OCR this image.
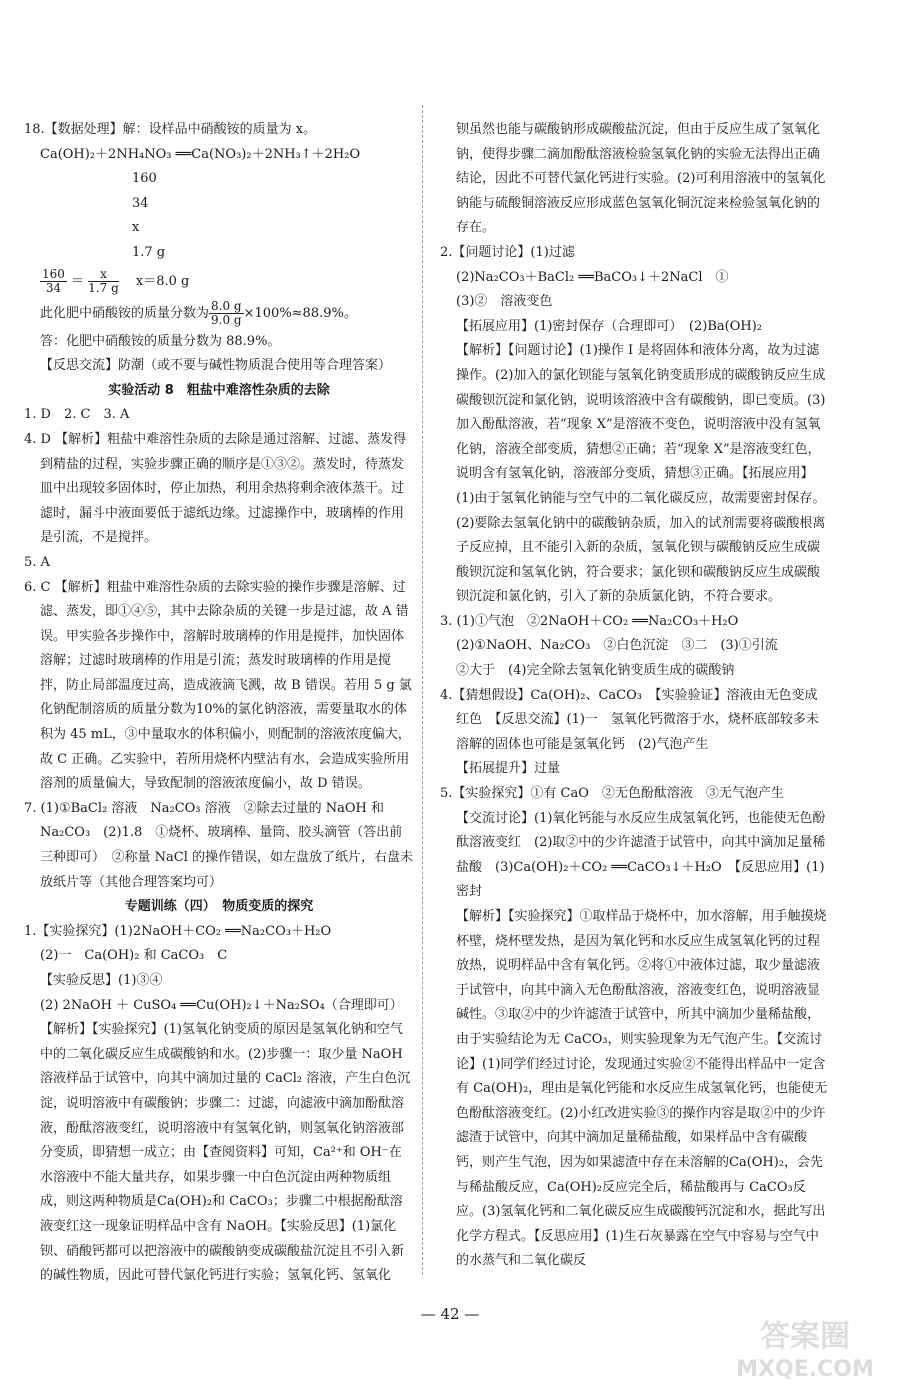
18.【数据处理】解：设样品中硝酸铵的质量为 x。

Ca(OH)₂＋2NH₄NO₃ ══Ca(NO₃)₂＋2NH₃↑＋2H₂O

16034

x1.7 g

$\frac{160}{34} = \frac{x}{1.7 g}$
　 x＝8.0 g

此化肥中硝酸铵的质量分数为 $\frac{8.0 g}{9.0 g} \times 100\%\approx 88.9\%$。

答：化肥中硝酸铵的质量分数为 88.9%。

【反思交流】防潮（或不要与碱性物质混合使用等合理答案）

实验活动 8　粗盐中难溶性杂质的去除

1. D　2. C　3. A

4. D 【解析】粗盐中难溶性杂质的去除是通过溶解、过滤、蒸发得到精盐的过程，实验步骤正确的顺序是①③②。蒸发时，待蒸发皿中出现较多固体时，停止加热，利用余热将剩余液体蒸干。过滤时，漏斗中液面要低于滤纸边缘。过滤操作中，玻璃棒的作用是引流，不是搅拌。

5. A

6. C 【解析】粗盐中难溶性杂质的去除实验的操作步骤是溶解、过滤、蒸发，即①④⑤，其中去除杂质的关键一步是过滤，故 A 错误。甲实验各步操作中，溶解时玻璃棒的作用是搅拌，加快固体溶解；过滤时玻璃棒的作用是引流；蒸发时玻璃棒的作用是搅拌，防止局部温度过高，造成液滴飞溅，故 B 错误。若用 5 g 氯化钠配制溶质的质量分数为10%的氯化钠溶液，需要量取水的体积为 45 mL，③中量取水的体积偏小，则配制的溶液浓度偏大，故 C 正确。乙实验中，若所用烧杯内壁沾有水，会造成实验所用溶剂的质量偏大，导致配制的溶液浓度偏小，故 D 错误。

7. (1)①BaCl₂ 溶液　Na₂CO₃ 溶液　②除去过量的 NaOH 和 Na₂CO₃　(2)1.8　①烧杯、玻璃棒、量筒、胶头滴管（答出前三种即可）　②称量 NaCl 的操作错误，如左盘放了纸片，右盘未放纸片等（其他合理答案均可）

专题训练（四）　物质变质的探究

1.【实验探究】(1)2NaOH＋CO₂ ══Na₂CO₃＋H₂O

(2)一　Ca(OH)₂ 和 CaCO₃　C

【实验反思】(1)③④

(2) 2NaOH ＋ CuSO₄ ══Cu(OH)₂↓＋Na₂SO₄（合理即可）

【解析】【实验探究】(1)氢氧化钠变质的原因是氢氧化钠和空气中的二氧化碳反应生成碳酸钠和水。(2)步骤一：取少量 NaOH 溶液样品于试管中，向其中滴加过量的 CaCl₂ 溶液，产生白色沉淀，说明溶液中有碳酸钠；步骤二：过滤，向滤液中滴加酚酞溶液，酚酞溶液变红，说明溶液中有氢氧化钠，则氢氧化钠溶液部分变质，即猜想一成立；由【查阅资料】可知，Ca²⁺和 OH⁻在水溶液中不能大量共存，如果步骤一中白色沉淀由两种物质组成，则这两种物质是Ca(OH)₂和 CaCO₃；步骤二中根据酚酞溶液变红这一现象证明样品中含有 NaOH。【实验反思】(1)氯化钡、硝酸钙都可以把溶液中的碳酸钠变成碳酸盐沉淀且不引入新的碱性物质，因此可替代氯化钙进行实验；氢氧化钙、氢氧化

钡虽然也能与碳酸钠形成碳酸盐沉淀，但由于反应生成了氢氧化钠，使得步骤二滴加酚酞溶液检验氢氧化钠的实验无法得出正确结论，因此不可替代氯化钙进行实验。(2)可利用溶液中的氢氧化钠能与硫酸铜溶液反应形成蓝色氢氧化铜沉淀来检验氢氧化钠的存在。

2.【问题讨论】(1)过滤

(2)Na₂CO₃＋BaCl₂ ══BaCO₃↓＋2NaCl　①

(3)②　溶液变色

【拓展应用】(1)密封保存（合理即可）　(2)Ba(OH)₂

【解析】【问题讨论】(1)操作 I 是将固体和液体分离，故为过滤操作。(2)加入的氯化钡能与氢氧化钠变质形成的碳酸钠反应生成碳酸钡沉淀和氯化钠，说明该溶液中含有碳酸钠，即已变质。(3)加入酚酞溶液，若“现象 X”是溶液不变色，说明溶液中没有氢氧化钠，溶液全部变质，猜想②正确；若“现象 X”是溶液变红色，说明含有氢氧化钠，溶液部分变质，猜想③正确。【拓展应用】(1)由于氢氧化钠能与空气中的二氧化碳反应，故需要密封保存。(2)要除去氢氧化钠中的碳酸钠杂质，加入的试剂需要将碳酸根离子反应掉，且不能引入新的杂质，氢氧化钡与碳酸钠反应生成碳酸钡沉淀和氢氧化钠，符合要求；氯化钡和碳酸钠反应生成碳酸钡沉淀和氯化钠，引入了新的杂质氯化钠，不符合要求。

3. (1)①气泡　②2NaOH＋CO₂ ══Na₂CO₃＋H₂O

(2)①NaOH、Na₂CO₃　②白色沉淀　③二　(3)①引流

②大于　(4)完全除去氢氧化钠变质生成的碳酸钠

4.【猜想假设】Ca(OH)₂、CaCO₃　【实验验证】溶液由无色变成红色　【反思交流】(1)一　氢氧化钙微溶于水，烧杯底部较多未溶解的固体也可能是氢氧化钙　(2)气泡产生

【拓展提升】过量

5.【实验探究】①有 CaO　②无色酚酞溶液　③无气泡产生

【交流讨论】(1)氧化钙能与水反应生成氢氧化钙，也能使无色酚酞溶液变红　(2)取②中的少许滤渣于试管中，向其中滴加足量稀盐酸　(3)Ca(OH)₂＋CO₂ ══CaCO₃↓＋H₂O　【反思应用】(1)密封

【解析】【实验探究】①取样品于烧杯中，加水溶解，用手触摸烧杯壁，烧杯壁发热，是因为氧化钙和水反应生成氢氧化钙的过程放热，说明样品中含有氧化钙。②将①中液体过滤，取少量滤液于试管中，向其中滴入无色酚酞溶液，溶液变红色，说明溶液显碱性。③取②中的少许滤渣于试管中，所其中滴加少量稀盐酸，由于实验结论为无 CaCO₃，则实验现象为无气泡产生。【交流讨论】(1)同学们经过讨论，发现通过实验②不能得出样品中一定含有 Ca(OH)₂，理由是氧化钙能和水反应生成氢氧化钙，也能使无色酚酞溶液变红。(2)小红改进实验③的操作内容是取②中的少许滤渣于试管中，向其中滴加足量稀盐酸，如果样品中含有碳酸钙，则产生气泡，因为如果滤渣中存在未溶解的Ca(OH)₂，会先与稀盐酸反应，Ca(OH)₂反应完全后，稀盐酸再与 CaCO₃反应。(3)氢氧化钙和二氧化碳反应生成碳酸钙沉淀和水，据此写出化学方程式。【反思应用】(1)生石灰暴露在空气中容易与空气中的水蒸气和二氧化碳反

— 42 —
答案圈
MXQE.COM
